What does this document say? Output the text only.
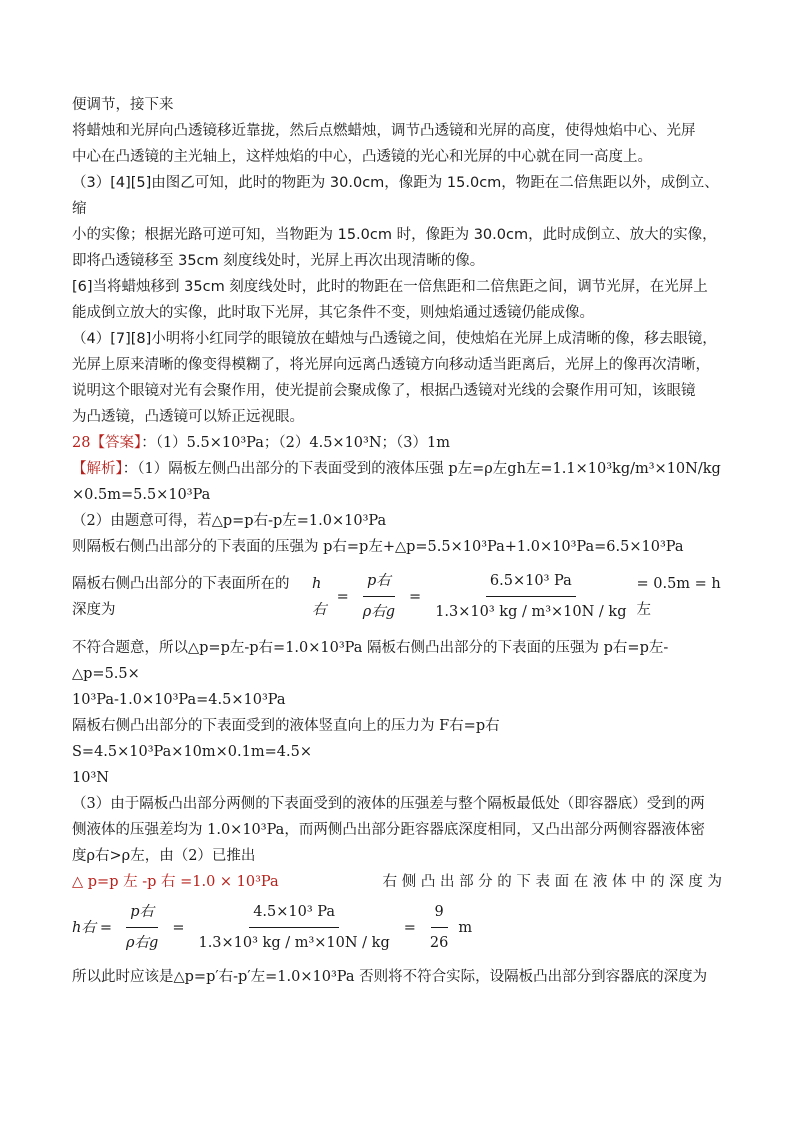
便调节，接下来

将蜡烛和光屏向凸透镜移近靠拢，然后点燃蜡烛，调节凸透镜和光屏的高度，使得烛焰中心、光屏

中心在凸透镜的主光轴上，这样烛焰的中心，凸透镜的光心和光屏的中心就在同一高度上。

（3）[4][5]由图乙可知，此时的物距为 30.0cm，像距为 15.0cm，物距在二倍焦距以外，成倒立、缩

小的实像；根据光路可逆可知，当物距为 15.0cm 时，像距为 30.0cm，此时成倒立、放大的实像，

即将凸透镜移至 35cm 刻度线处时，光屏上再次出现清晰的像。

[6]当将蜡烛移到 35cm 刻度线处时，此时的物距在一倍焦距和二倍焦距之间，调节光屏，在光屏上

能成倒立放大的实像，此时取下光屏，其它条件不变，则烛焰通过透镜仍能成像。

（4）[7][8]小明将小红同学的眼镜放在蜡烛与凸透镜之间，使烛焰在光屏上成清晰的像，移去眼镜，

光屏上原来清晰的像变得模糊了，将光屏向远离凸透镜方向移动适当距离后，光屏上的像再次清晰，

说明这个眼镜对光有会聚作用，使光提前会聚成像了，根据凸透镜对光线的会聚作用可知，该眼镜

为凸透镜，凸透镜可以矫正远视眼。

28【答案】：（1）5.5×10³Pa；（2）4.5×10³N；（3）1m

【解析】：（1）隔板左侧凸出部分的下表面受到的液体压强 p左=ρ左gh左=1.1×10³kg/m³×10N/kg

×0.5m=5.5×10³Pa

（2）由题意可得，若△p=p右-p左=1.0×10³Pa

则隔板右侧凸出部分的下表面的压强为 p右=p左+△p=5.5×10³Pa+1.0×10³Pa=6.5×10³Pa

隔板右侧凸出部分的下表面所在的深度为
h右
= $\frac{\text{p右}}{\text{ρ右g}} = \frac{\text{6.5×10³ Pa}}{\text{1.3×10³ kg / m³×10N / kg}} = 0.5m = h$左

不符合题意，所以△p=p左-p右=1.0×10³Pa 隔板右侧凸出部分的下表面的压强为 p右=p左-△p=5.5×

10³Pa-1.0×10³Pa=4.5×10³Pa

隔板右侧凸出部分的下表面受到的液体竖直向上的压力为 F右=p右S=4.5×10³Pa×10m×0.1m=4.5×

10³N

（3）由于隔板凸出部分两侧的下表面受到的液体的压强差与整个隔板最低处（即容器底）受到的两

侧液体的压强差均为 1.0×10³Pa，而两侧凸出部分距容器底深度相同，又凸出部分两侧容器液体密

度ρ右>ρ左，由（2）已推出

△ p=p 左 -p 右 =1.0 × 10³Pa	右 侧 凸 出 部 分 的 下 表 面 在 液 体 中 的 深 度 为

h右 = $\frac{\text{p右}}{\text{ρ右g}} = \frac{\text{4.5×10³ Pa}}{\text{1.3×10³ kg / m³×10N / kg}} = \frac{9}{26}$ m

所以此时应该是△p=p′右-p′左=1.0×10³Pa 否则将不符合实际，设隔板凸出部分到容器底的深度为
